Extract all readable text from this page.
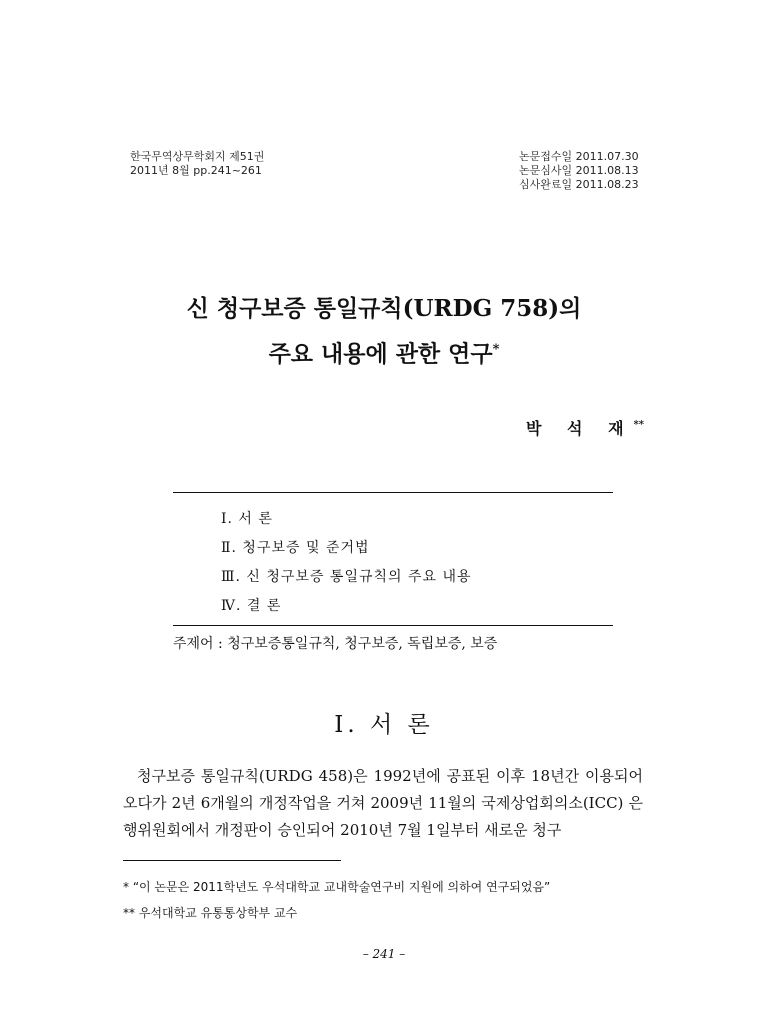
한국무역상무학회지 제51권
2011년 8월 pp.241~261
논문접수일 2011.07.30
논문심사일 2011.08.13
심사완료일 2011.08.23
신 청구보증 통일규칙(URDG 758)의
주요 내용에 관한 연구*
박 석 재**
Ⅰ. 서 론
Ⅱ. 청구보증 및 준거법
Ⅲ. 신 청구보증 통일규칙의 주요 내용
Ⅳ. 결 론
주제어 : 청구보증통일규칙, 청구보증, 독립보증, 보증
Ⅰ. 서 론

청구보증 통일규칙(URDG 458)은 1992년에 공표된 이후 18년간 이용되어 오다가 2년 6개월의 개정작업을 거쳐 2009년 11월의 국제상업회의소(ICC) 은행위원회에서 개정판이 승인되어 2010년 7월 1일부터 새로운 청구

* “이 논문은 2011학년도 우석대학교 교내학술연구비 지원에 의하여 연구되었음”
** 우석대학교 유통통상학부 교수
– 241 –
